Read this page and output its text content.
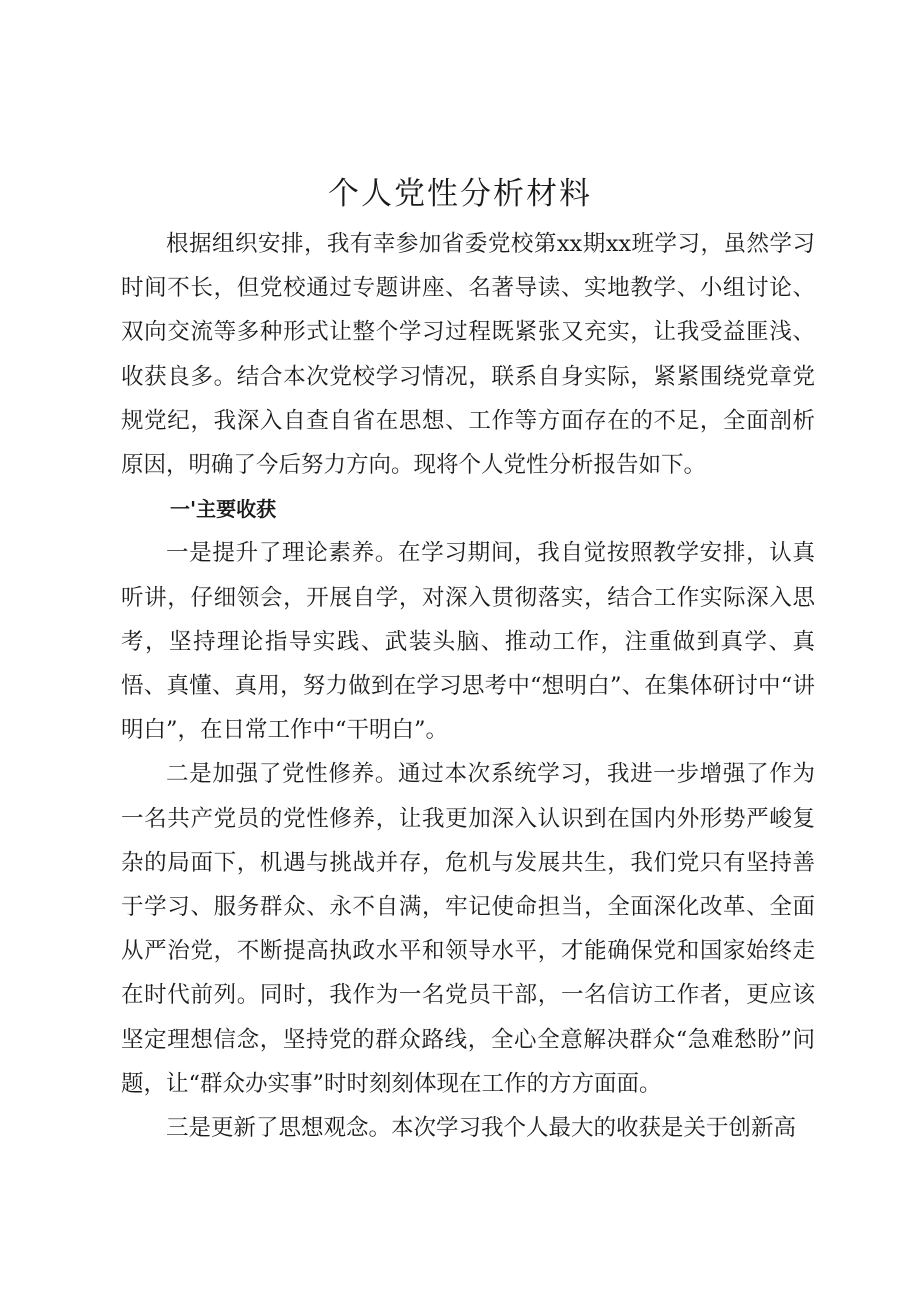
个人党性分析材料

根据组织安排，我有幸参加省委党校第xx期xx班学习，虽然学习时间不长，但党校通过专题讲座、名著导读、实地教学、小组讨论、双向交流等多种形式让整个学习过程既紧张又充实，让我受益匪浅、收获良多。结合本次党校学习情况，联系自身实际，紧紧围绕党章党规党纪，我深入自查自省在思想、工作等方面存在的不足，全面剖析原因，明确了今后努力方向。现将个人党性分析报告如下。

一'主要收获

一是提升了理论素养。在学习期间，我自觉按照教学安排，认真听讲，仔细领会，开展自学，对深入贯彻落实，结合工作实际深入思考，坚持理论指导实践、武装头脑、推动工作，注重做到真学、真悟、真懂、真用，努力做到在学习思考中“想明白”、在集体研讨中“讲明白”，在日常工作中“干明白”。

二是加强了党性修养。通过本次系统学习，我进一步增强了作为一名共产党员的党性修养，让我更加深入认识到在国内外形势严峻复杂的局面下，机遇与挑战并存，危机与发展共生，我们党只有坚持善于学习、服务群众、永不自满，牢记使命担当，全面深化改革、全面从严治党，不断提高执政水平和领导水平，才能确保党和国家始终走在时代前列。同时，我作为一名党员干部，一名信访工作者，更应该坚定理想信念，坚持党的群众路线，全心全意解决群众“急难愁盼”问题，让“群众办实事”时时刻刻体现在工作的方方面面。

三是更新了思想观念。本次学习我个人最大的收获是关于创新高
